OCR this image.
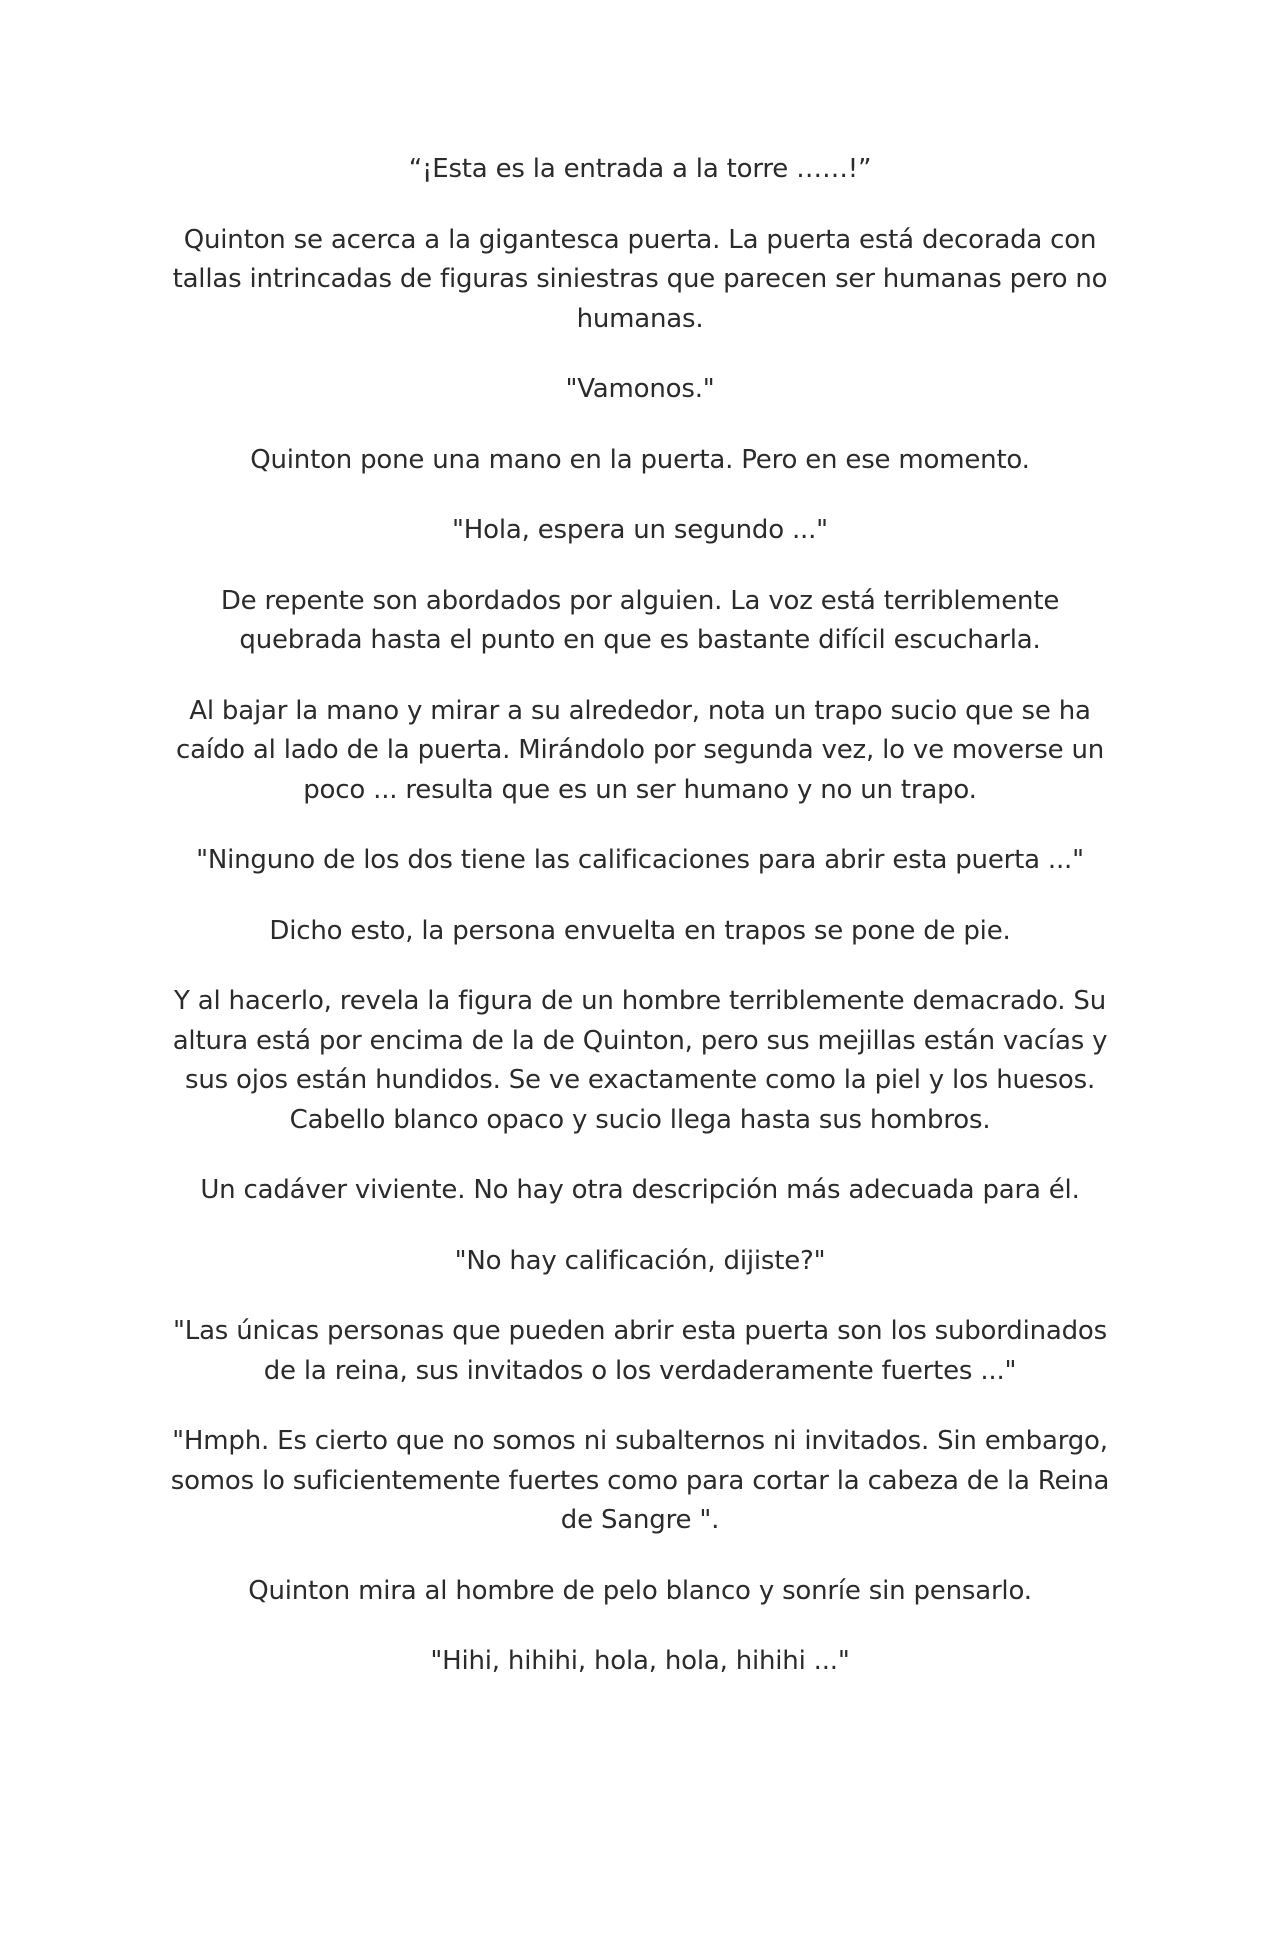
“¡Esta es la entrada a la torre ……!”

Quinton se acerca a la gigantesca puerta. La puerta está decorada con tallas intrincadas de figuras siniestras que parecen ser humanas pero no humanas.

"Vamonos."

Quinton pone una mano en la puerta. Pero en ese momento.

"Hola, espera un segundo ..."

De repente son abordados por alguien. La voz está terriblemente quebrada hasta el punto en que es bastante difícil escucharla.

Al bajar la mano y mirar a su alrededor, nota un trapo sucio que se ha caído al lado de la puerta. Mirándolo por segunda vez, lo ve moverse un poco ... resulta que es un ser humano y no un trapo.

"Ninguno de los dos tiene las calificaciones para abrir esta puerta ..."

Dicho esto, la persona envuelta en trapos se pone de pie.

Y al hacerlo, revela la figura de un hombre terriblemente demacrado. Su altura está por encima de la de Quinton, pero sus mejillas están vacías y sus ojos están hundidos. Se ve exactamente como la piel y los huesos. Cabello blanco opaco y sucio llega hasta sus hombros.

Un cadáver viviente. No hay otra descripción más adecuada para él.

"No hay calificación, dijiste?"

"Las únicas personas que pueden abrir esta puerta son los subordinados de la reina, sus invitados o los verdaderamente fuertes ..."

"Hmph. Es cierto que no somos ni subalternos ni invitados. Sin embargo, somos lo suficientemente fuertes como para cortar la cabeza de la Reina de Sangre ".

Quinton mira al hombre de pelo blanco y sonríe sin pensarlo.

"Hihi, hihihi, hola, hola, hihihi ..."
